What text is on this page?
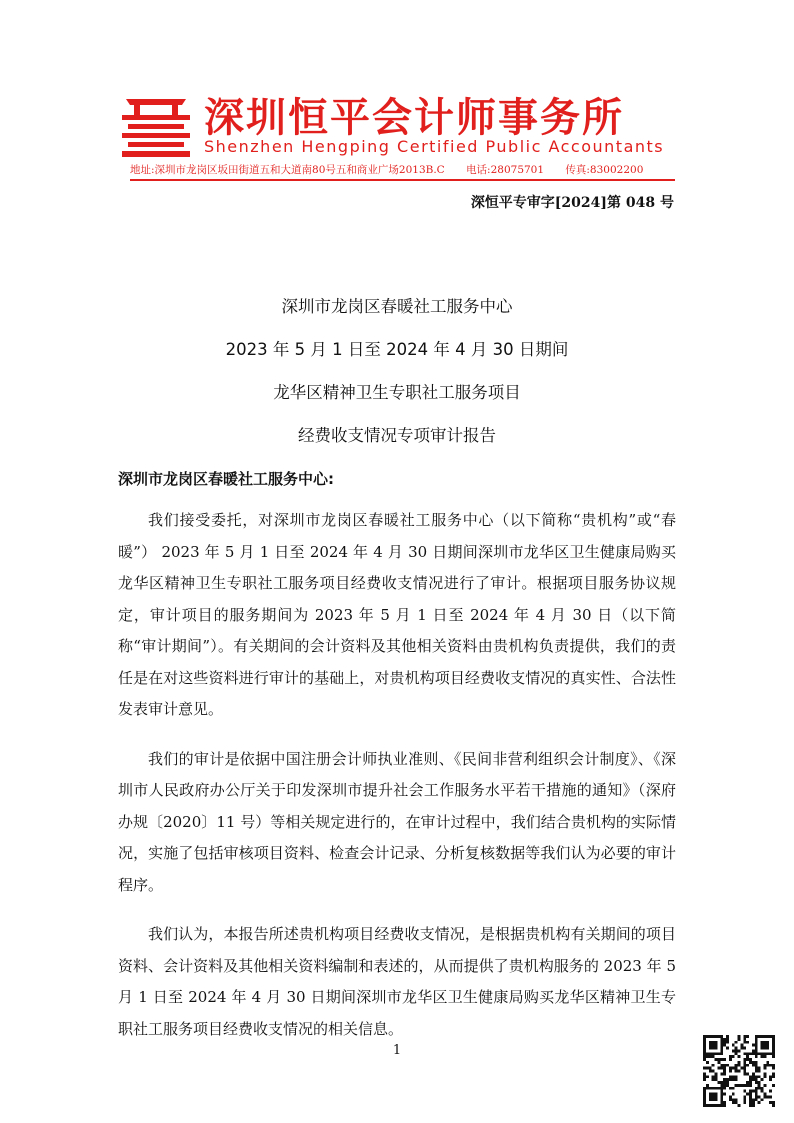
深圳恒平会计师事务所
Shenzhen Hengping Certified Public Accountants
地址:深圳市龙岗区坂田街道五和大道南80号五和商业广场2013B.C 电话:28075701 传真:83002200
深恒平专审字[2024]第 048 号
深圳市龙岗区春暖社工服务中心
2023 年 5 月 1 日至 2024 年 4 月 30 日期间
龙华区精神卫生专职社工服务项目
经费收支情况专项审计报告
深圳市龙岗区春暖社工服务中心:

我们接受委托，对深圳市龙岗区春暖社工服务中心（以下简称“贵机构”或“春暖”） 2023 年 5 月 1 日至 2024 年 4 月 30 日期间深圳市龙华区卫生健康局购买龙华区精神卫生专职社工服务项目经费收支情况进行了审计。根据项目服务协议规定，审计项目的服务期间为 2023 年 5 月 1 日至 2024 年 4 月 30 日（以下简称“审计期间”）。有关期间的会计资料及其他相关资料由贵机构负责提供，我们的责任是在对这些资料进行审计的基础上，对贵机构项目经费收支情况的真实性、合法性发表审计意见。

我们的审计是依据中国注册会计师执业准则、《民间非营利组织会计制度》、《深圳市人民政府办公厅关于印发深圳市提升社会工作服务水平若干措施的通知》（深府办规〔2020〕11 号）等相关规定进行的，在审计过程中，我们结合贵机构的实际情况，实施了包括审核项目资料、检查会计记录、分析复核数据等我们认为必要的审计程序。

我们认为，本报告所述贵机构项目经费收支情况，是根据贵机构有关期间的项目资料、会计资料及其他相关资料编制和表述的，从而提供了贵机构服务的 2023 年 5 月 1 日至 2024 年 4 月 30 日期间深圳市龙华区卫生健康局购买龙华区精神卫生专职社工服务项目经费收支情况的相关信息。

1
